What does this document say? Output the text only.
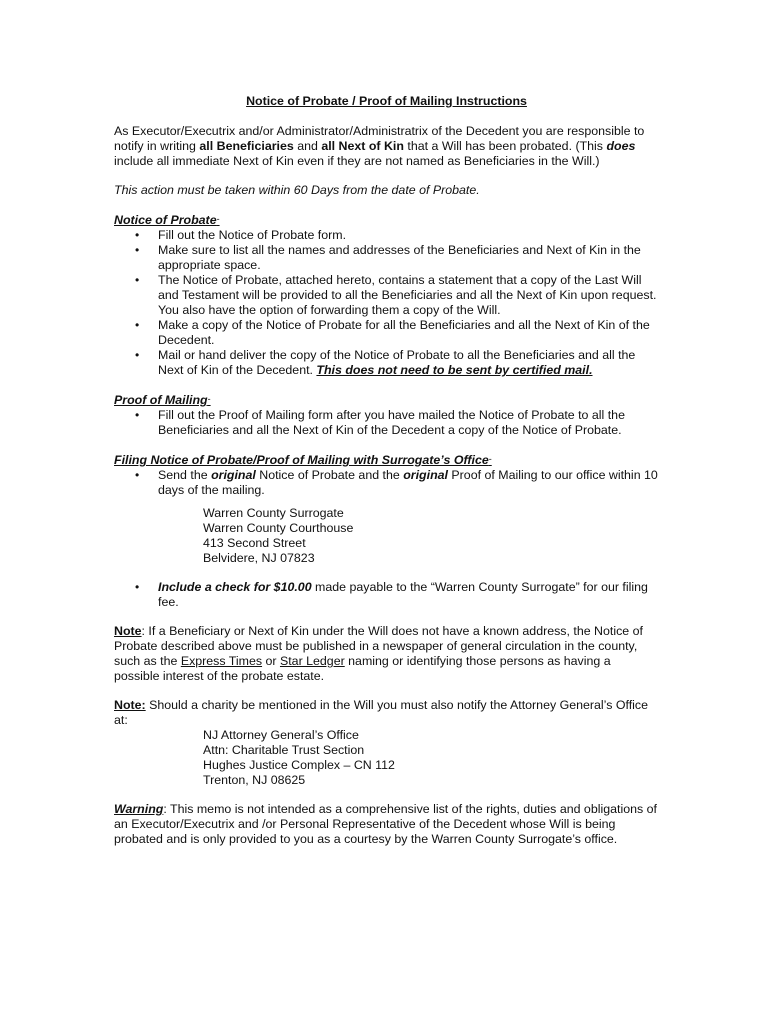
Notice of Probate / Proof of Mailing Instructions

As Executor/Executrix and/or Administrator/Administratrix of the Decedent you are responsible to notify in writing all Beneficiaries and all Next of Kin that a Will has been probated. (This does include all immediate Next of Kin even if they are not named as Beneficiaries in the Will.)

This action must be taken within 60 Days from the date of Probate.

Notice of Probate-

• Fill out the Notice of Probate form.
• Make sure to list all the names and addresses of the Beneficiaries and Next of Kin in the appropriate space.
• The Notice of Probate, attached hereto, contains a statement that a copy of the Last Will and Testament will be provided to all the Beneficiaries and all the Next of Kin upon request. You also have the option of forwarding them a copy of the Will.
• Make a copy of the Notice of Probate for all the Beneficiaries and all the Next of Kin of the Decedent.
• Mail or hand deliver the copy of the Notice of Probate to all the Beneficiaries and all the Next of Kin of the Decedent. This does not need to be sent by certified mail.

Proof of Mailing-

• Fill out the Proof of Mailing form after you have mailed the Notice of Probate to all the Beneficiaries and all the Next of Kin of the Decedent a copy of the Notice of Probate.

Filing Notice of Probate/Proof of Mailing with Surrogate’s Office-

• Send the original Notice of Probate and the original Proof of Mailing to our office within 10 days of the mailing.

Warren County Surrogate

Warren County Courthouse

413 Second Street

Belvidere, NJ 07823

• Include a check for $10.00 made payable to the “Warren County Surrogate” for our filing fee.

Note: If a Beneficiary or Next of Kin under the Will does not have a known address, the Notice of Probate described above must be published in a newspaper of general circulation in the county, such as the Express Times or Star Ledger naming or identifying those persons as having a possible interest of the probate estate.

Note: Should a charity be mentioned in the Will you must also notify the Attorney General’s Office at:

NJ Attorney General’s Office

Attn: Charitable Trust Section

Hughes Justice Complex – CN 112

Trenton, NJ 08625

Warning: This memo is not intended as a comprehensive list of the rights, duties and obligations of an Executor/Executrix and /or Personal Representative of the Decedent whose Will is being probated and is only provided to you as a courtesy by the Warren County Surrogate’s office.
